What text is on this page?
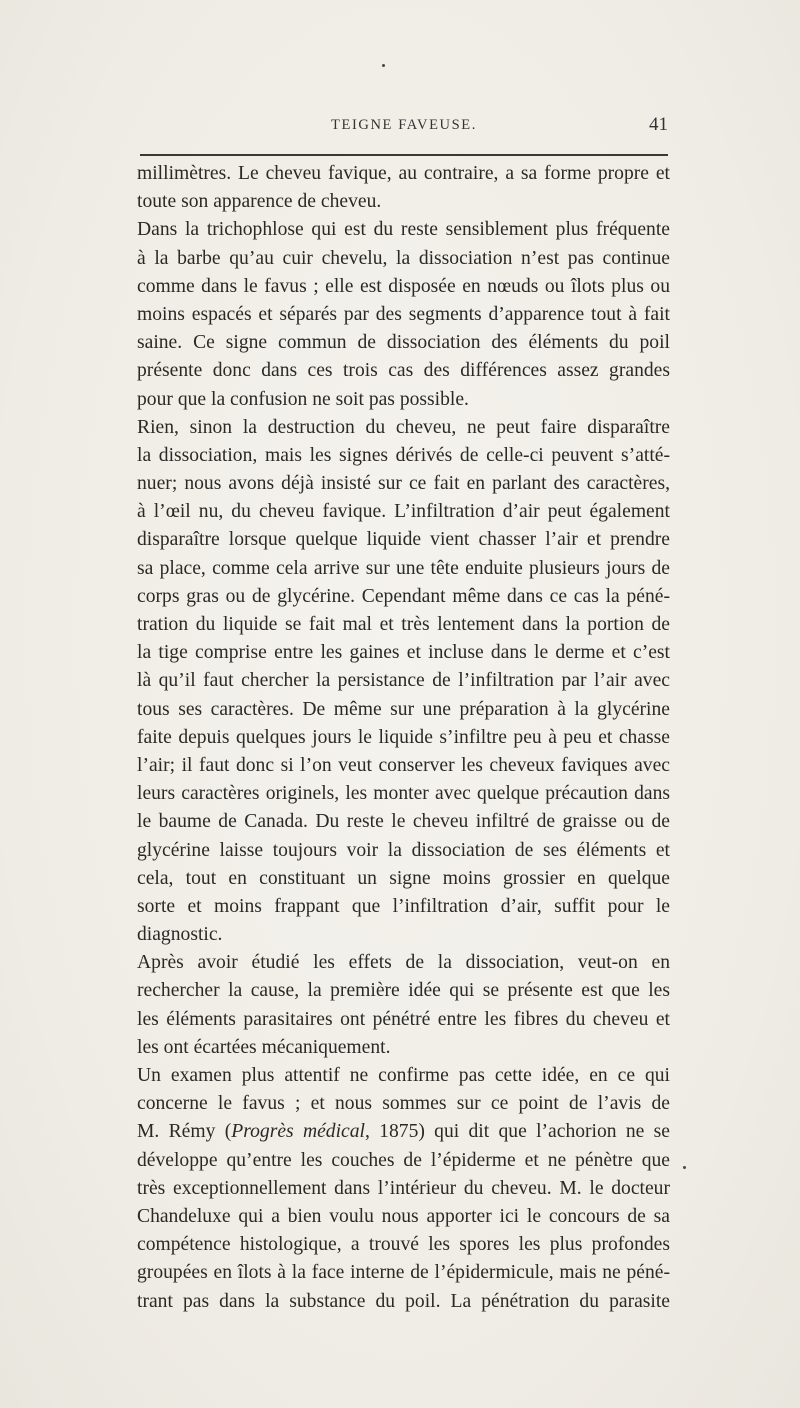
TEIGNE FAVEUSE.	41
millimètres. Le cheveu favique, au contraire, a sa forme propre et
toute son apparence de cheveu.
Dans la trichophlose qui est du reste sensiblement plus fréquente
à la barbe qu’au cuir chevelu, la dissociation n’est pas continue
comme dans le favus ; elle est disposée en nœuds ou îlots plus ou
moins espacés et séparés par des segments d’apparence tout à fait
saine. Ce signe commun de dissociation des éléments du poil
présente donc dans ces trois cas des différences assez grandes
pour que la confusion ne soit pas possible.
Rien, sinon la destruction du cheveu, ne peut faire disparaître
la dissociation, mais les signes dérivés de celle-ci peuvent s’atté-
nuer; nous avons déjà insisté sur ce fait en parlant des caractères,
à l’œil nu, du cheveu favique. L’infiltration d’air peut également
disparaître lorsque quelque liquide vient chasser l’air et prendre
sa place, comme cela arrive sur une tête enduite plusieurs jours de
corps gras ou de glycérine. Cependant même dans ce cas la péné-
tration du liquide se fait mal et très lentement dans la portion de
la tige comprise entre les gaines et incluse dans le derme et c’est
là qu’il faut chercher la persistance de l’infiltration par l’air avec
tous ses caractères. De même sur une préparation à la glycérine
faite depuis quelques jours le liquide s’infiltre peu à peu et chasse
l’air; il faut donc si l’on veut conserver les cheveux faviques avec
leurs caractères originels, les monter avec quelque précaution dans
le baume de Canada. Du reste le cheveu infiltré de graisse ou de
glycérine laisse toujours voir la dissociation de ses éléments et
cela, tout en constituant un signe moins grossier en quelque
sorte et moins frappant que l’infiltration d’air, suffit pour le
diagnostic.
Après avoir étudié les effets de la dissociation, veut-on en
rechercher la cause, la première idée qui se présente est que les
les éléments parasitaires ont pénétré entre les fibres du cheveu et
les ont écartées mécaniquement.
Un examen plus attentif ne confirme pas cette idée, en ce qui
concerne le favus ; et nous sommes sur ce point de l’avis de
M. Rémy (Progrès médical, 1875) qui dit que l’achorion ne se
développe qu’entre les couches de l’épiderme et ne pénètre que
très exceptionnellement dans l’intérieur du cheveu. M. le docteur
Chandeluxe qui a bien voulu nous apporter ici le concours de sa
compétence histologique, a trouvé les spores les plus profondes
groupées en îlots à la face interne de l’épidermicule, mais ne péné-
trant pas dans la substance du poil. La pénétration du parasite
